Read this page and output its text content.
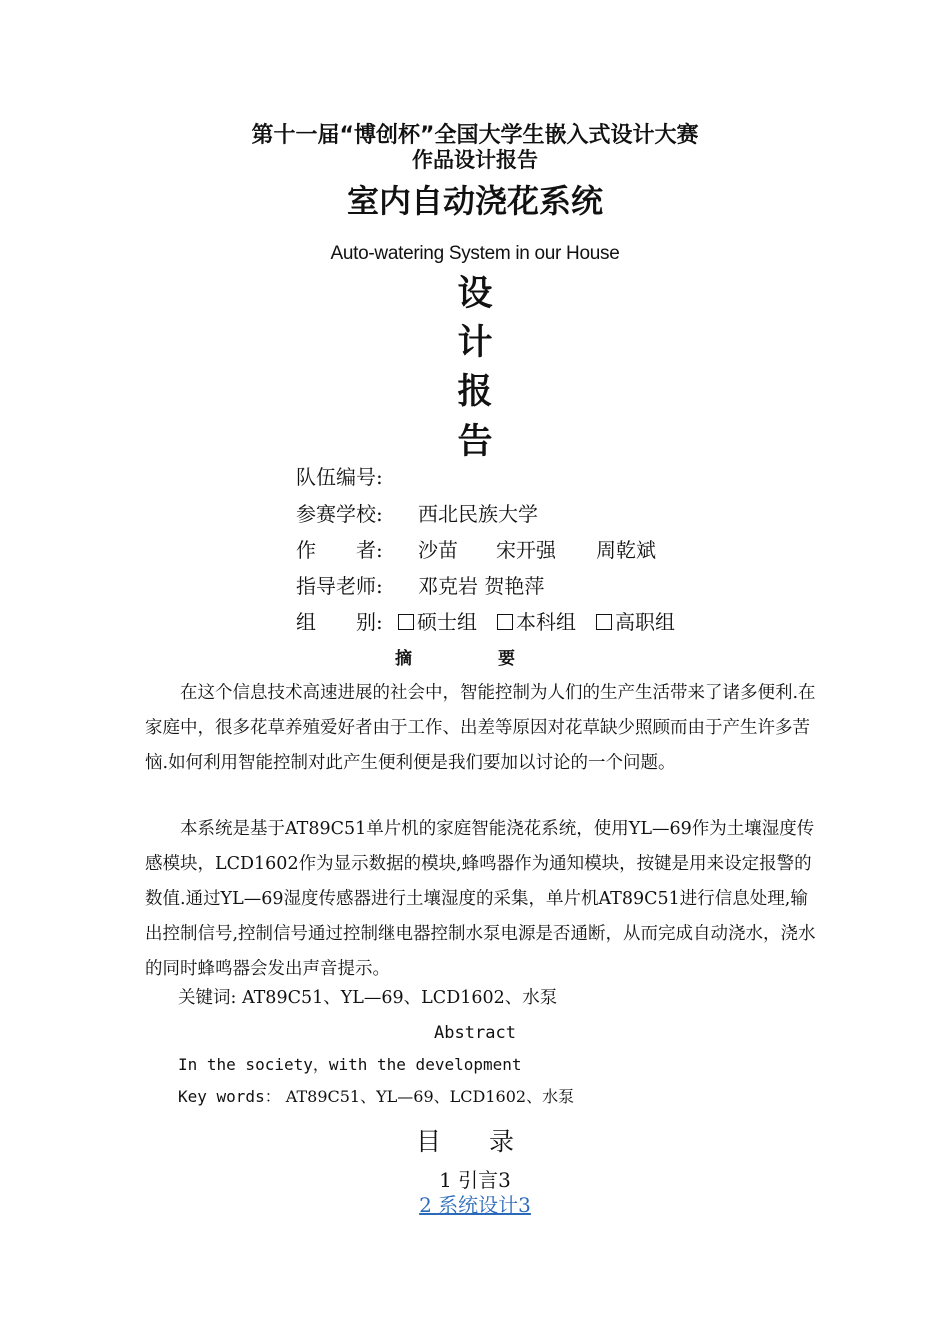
第十一届“博创杯”全国大学生嵌入式设计大赛
作品设计报告
室内自动浇花系统
Auto-watering System in our House
设
计
报
告
队伍编号:
参赛学校: 西北民族大学
作　　者: 沙苗 宋开强 周乾斌
指导老师: 邓克岩 贺艳萍
组　　别:	硕士组 本科组 高职组
摘 要
在这个信息技术高速进展的社会中，智能控制为人们的生产生活带来了诸多便利.在家庭中，很多花草养殖爱好者由于工作、出差等原因对花草缺少照顾而由于产生许多苦恼.如何利用智能控制对此产生便利便是我们要加以讨论的一个问题。
本系统是基于AT89C51单片机的家庭智能浇花系统，使用YL—69作为土壤湿度传感模块，LCD1602作为显示数据的模块,蜂鸣器作为通知模块，按键是用来设定报警的数值.通过YL—69湿度传感器进行土壤湿度的采集，单片机AT89C51进行信息处理,输出控制信号,控制信号通过控制继电器控制水泵电源是否通断，从而完成自动浇水，浇水的同时蜂鸣器会发出声音提示。
关键词: AT89C51、YL—69、LCD1602、水泵
Abstract
In the society，with the development
Key words： AT89C51、YL—69、LCD1602、水泵
目 录
1 引言3
2 系统设计3
